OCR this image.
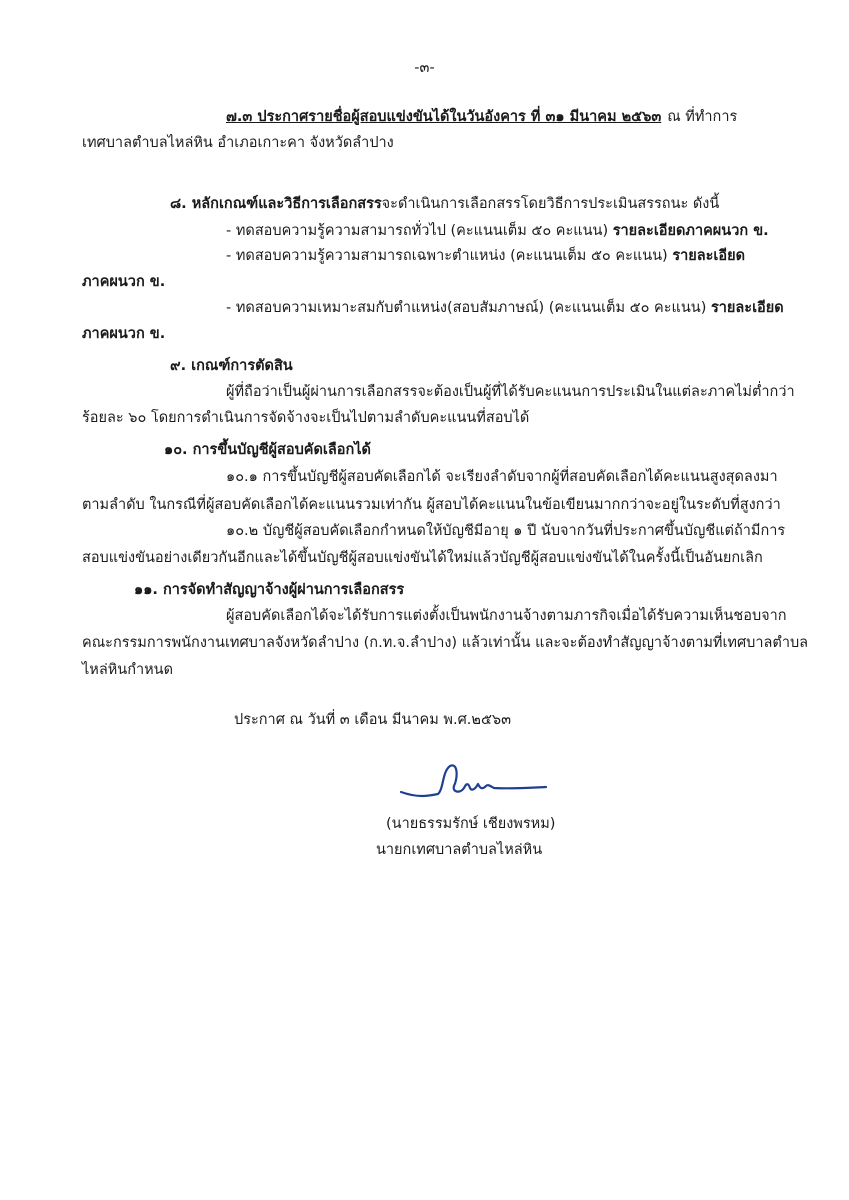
-๓-
๗.๓ ประกาศรายชื่อผู้สอบแข่งขันได้ในวันอังคาร ที่ ๓๑ มีนาคม ๒๕๖๓ ณ ที่ทำการ
เทศบาลตำบลไหล่หิน อำเภอเกาะคา จังหวัดลำปาง
๘. หลักเกณฑ์และวิธีการเลือกสรรจะดำเนินการเลือกสรรโดยวิธีการประเมินสรรถนะ ดังนี้
- ทดสอบความรู้ความสามารถทั่วไป (คะแนนเต็ม ๕๐ คะแนน) รายละเอียดภาคผนวก ข.
- ทดสอบความรู้ความสามารถเฉพาะตำแหน่ง (คะแนนเต็ม ๕๐ คะแนน) รายละเอียด
ภาคผนวก ข.
- ทดสอบความเหมาะสมกับตำแหน่ง(สอบสัมภาษณ์) (คะแนนเต็ม ๕๐ คะแนน) รายละเอียด
ภาคผนวก ข.
๙. เกณฑ์การตัดสิน
ผู้ที่ถือว่าเป็นผู้ผ่านการเลือกสรรจะต้องเป็นผู้ที่ได้รับคะแนนการประเมินในแต่ละภาคไม่ต่ำกว่า
ร้อยละ ๖๐ โดยการดำเนินการจัดจ้างจะเป็นไปตามลำดับคะแนนที่สอบได้
๑๐. การขึ้นบัญชีผู้สอบคัดเลือกได้
๑๐.๑ การขึ้นบัญชีผู้สอบคัดเลือกได้ จะเรียงลำดับจากผู้ที่สอบคัดเลือกได้คะแนนสูงสุดลงมา
ตามลำดับ ในกรณีที่ผู้สอบคัดเลือกได้คะแนนรวมเท่ากัน ผู้สอบได้คะแนนในข้อเขียนมากกว่าจะอยู่ในระดับที่สูงกว่า
๑๐.๒ บัญชีผู้สอบคัดเลือกกำหนดให้บัญชีมีอายุ ๑ ปี นับจากวันที่ประกาศขึ้นบัญชีแต่ถ้ามีการ
สอบแข่งขันอย่างเดียวกันอีกและได้ขึ้นบัญชีผู้สอบแข่งขันได้ใหม่แล้วบัญชีผู้สอบแข่งขันได้ในครั้งนี้เป็นอันยกเลิก
๑๑. การจัดทำสัญญาจ้างผู้ผ่านการเลือกสรร
ผู้สอบคัดเลือกได้จะได้รับการแต่งตั้งเป็นพนักงานจ้างตามภารกิจเมื่อได้รับความเห็นชอบจาก
คณะกรรมการพนักงานเทศบาลจังหวัดลำปาง (ก.ท.จ.ลำปาง) แล้วเท่านั้น และจะต้องทำสัญญาจ้างตามที่เทศบาลตำบล
ไหล่หินกำหนด
ประกาศ ณ วันที่ ๓ เดือน มีนาคม พ.ศ.๒๕๖๓
(นายธรรมรักษ์ เชียงพรหม)
นายกเทศบาลตำบลไหล่หิน
